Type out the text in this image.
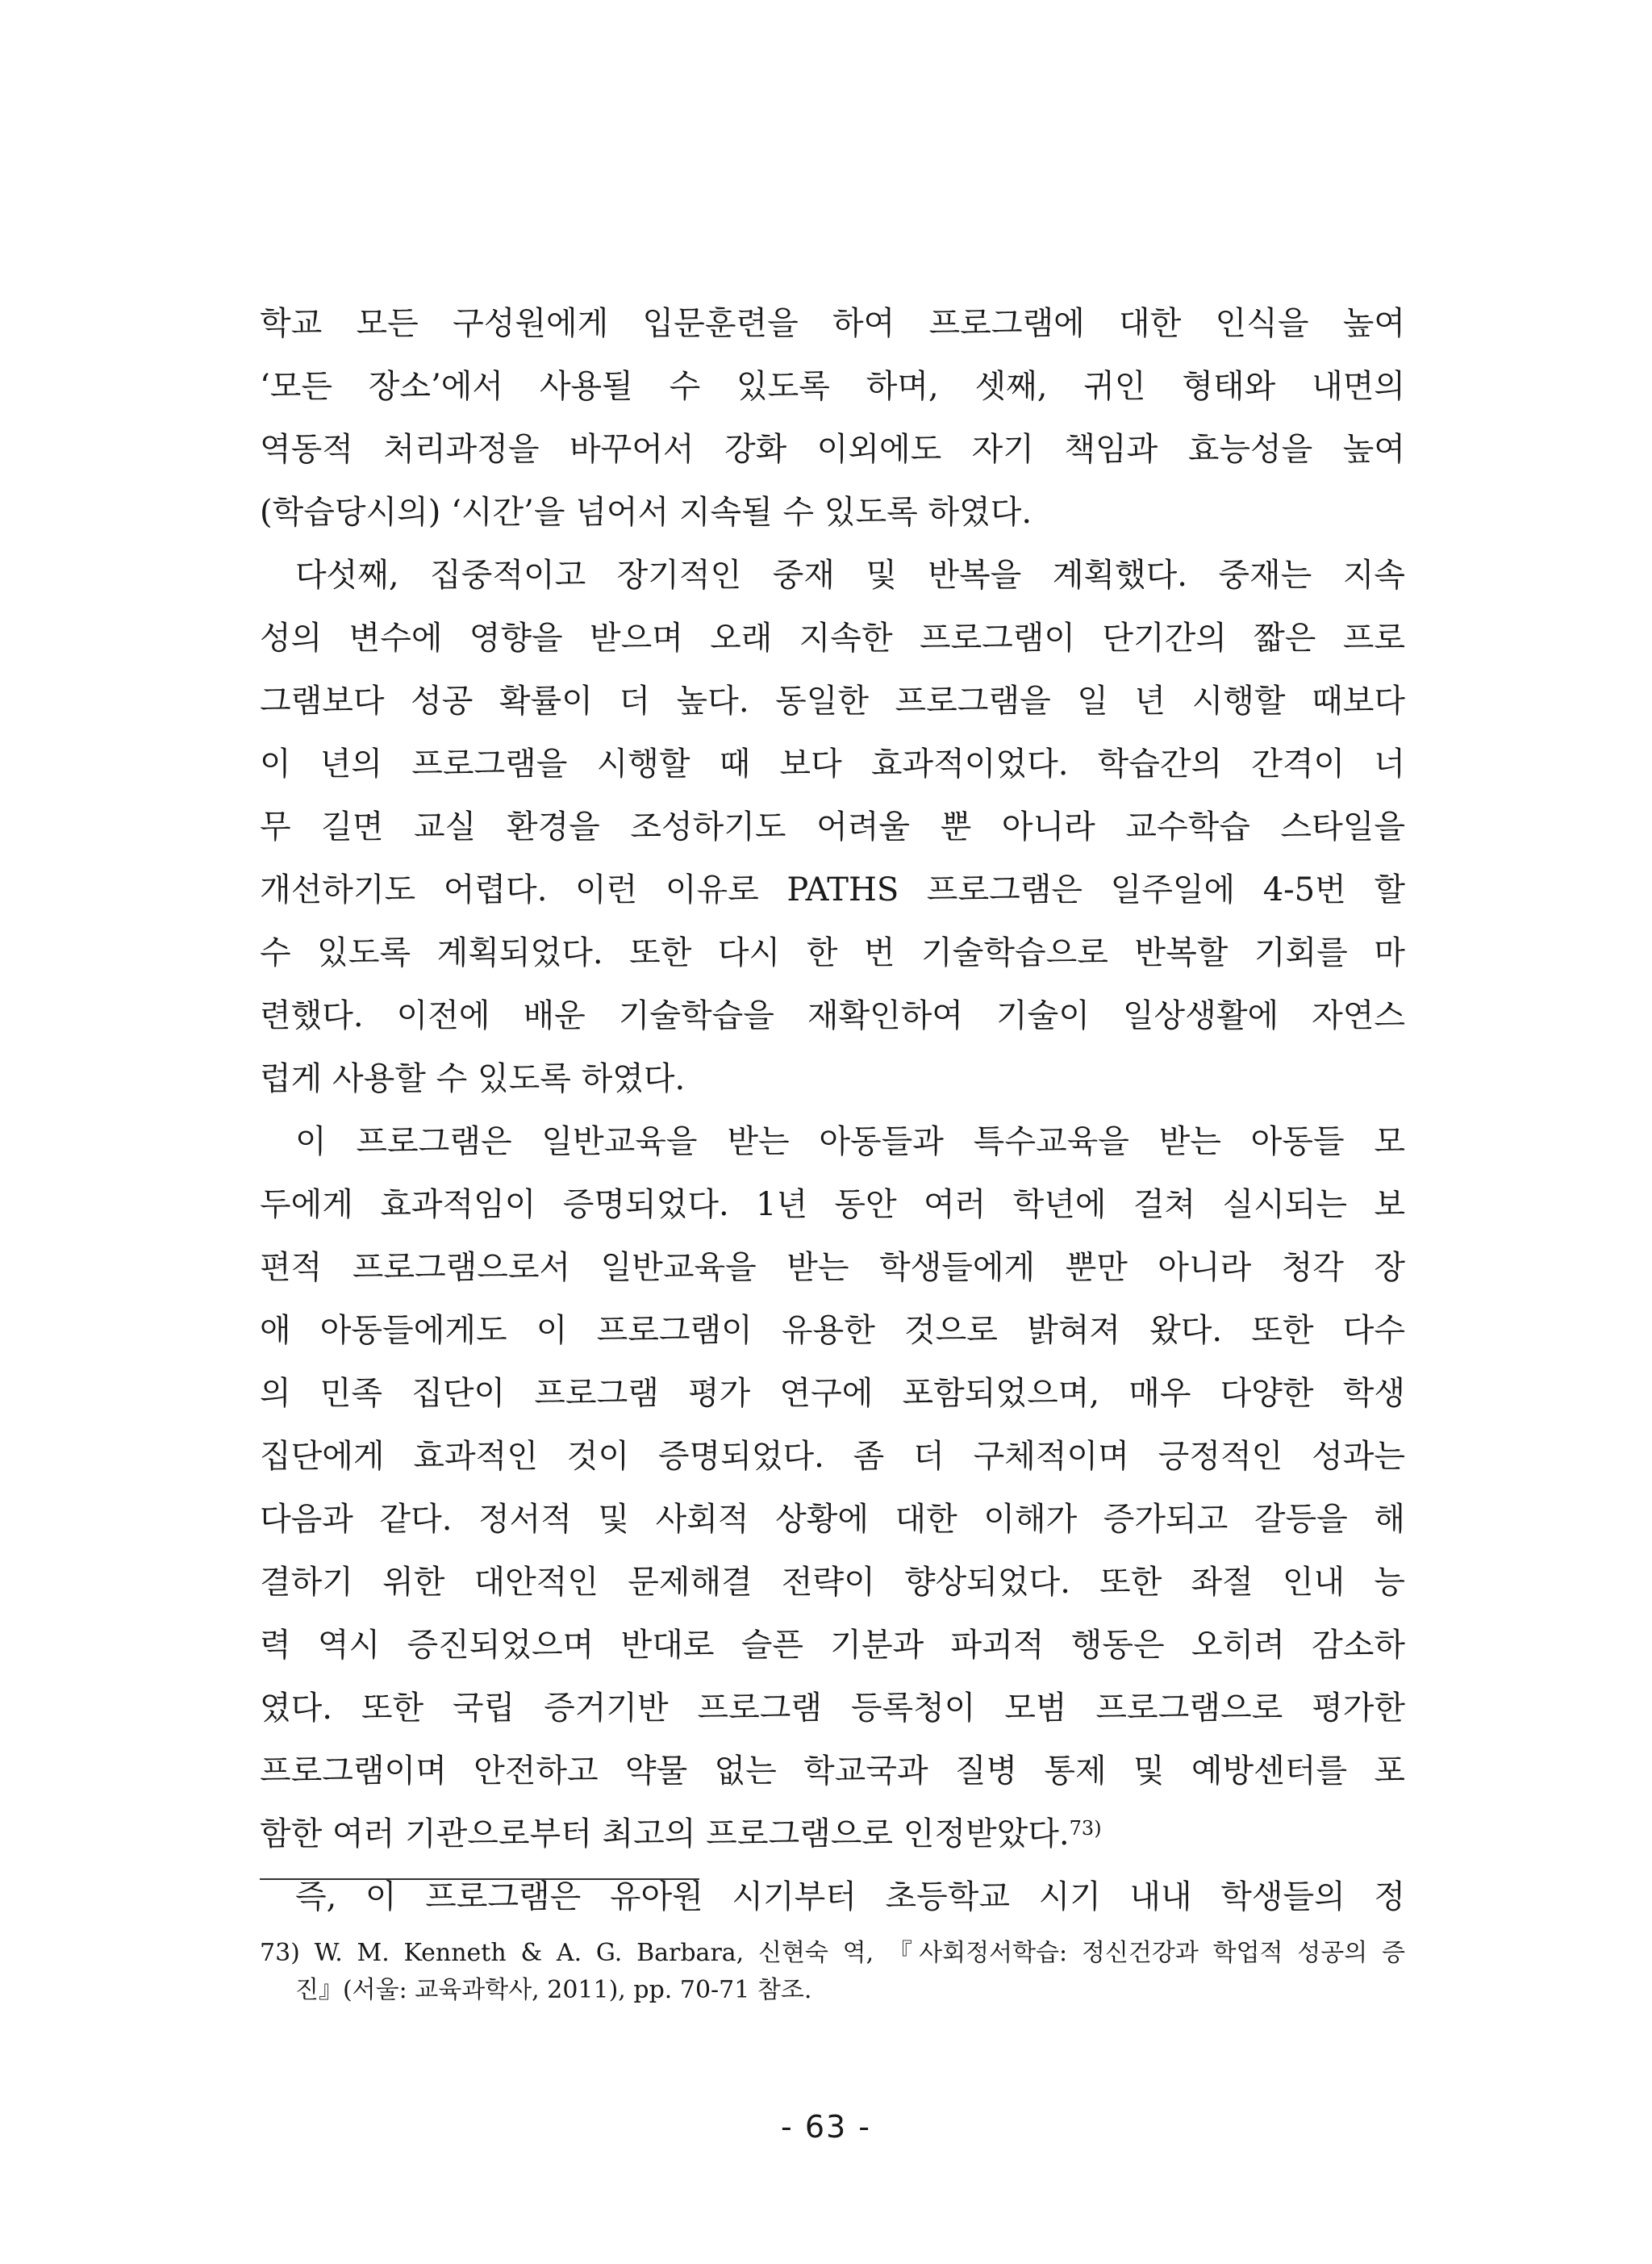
학교 모든 구성원에게 입문훈련을 하여 프로그램에 대한 인식을 높여
‘모든 장소’에서 사용될 수 있도록 하며, 셋째, 귀인 형태와 내면의
역동적 처리과정을 바꾸어서 강화 이외에도 자기 책임과 효능성을 높여
(학습당시의) ‘시간’을 넘어서 지속될 수 있도록 하였다.
다섯째, 집중적이고 장기적인 중재 및 반복을 계획했다. 중재는 지속
성의 변수에 영향을 받으며 오래 지속한 프로그램이 단기간의 짧은 프로
그램보다 성공 확률이 더 높다. 동일한 프로그램을 일 년 시행할 때보다
이 년의 프로그램을 시행할 때 보다 효과적이었다. 학습간의 간격이 너
무 길면 교실 환경을 조성하기도 어려울 뿐 아니라 교수학습 스타일을
개선하기도 어렵다. 이런 이유로 PATHS 프로그램은 일주일에 4-5번 할
수 있도록 계획되었다. 또한 다시 한 번 기술학습으로 반복할 기회를 마
련했다. 이전에 배운 기술학습을 재확인하여 기술이 일상생활에 자연스
럽게 사용할 수 있도록 하였다.
이 프로그램은 일반교육을 받는 아동들과 특수교육을 받는 아동들 모
두에게 효과적임이 증명되었다. 1년 동안 여러 학년에 걸쳐 실시되는 보
편적 프로그램으로서 일반교육을 받는 학생들에게 뿐만 아니라 청각 장
애 아동들에게도 이 프로그램이 유용한 것으로 밝혀져 왔다. 또한 다수
의 민족 집단이 프로그램 평가 연구에 포함되었으며, 매우 다양한 학생
집단에게 효과적인 것이 증명되었다. 좀 더 구체적이며 긍정적인 성과는
다음과 같다. 정서적 및 사회적 상황에 대한 이해가 증가되고 갈등을 해
결하기 위한 대안적인 문제해결 전략이 향상되었다. 또한 좌절 인내 능
력 역시 증진되었으며 반대로 슬픈 기분과 파괴적 행동은 오히려 감소하
였다. 또한 국립 증거기반 프로그램 등록청이 모범 프로그램으로 평가한
프로그램이며 안전하고 약물 없는 학교국과 질병 통제 및 예방센터를 포
함한 여러 기관으로부터 최고의 프로그램으로 인정받았다.$^{73)}$
즉, 이 프로그램은 유아원 시기부터 초등학교 시기 내내 학생들의 정
73) W. M. Kenneth & A. G. Barbara, 신현숙 역, 『사회정서학습: 정신건강과 학업적 성공의 증
진』(서울: 교육과학사, 2011), pp. 70-71 참조.
- 63 -
